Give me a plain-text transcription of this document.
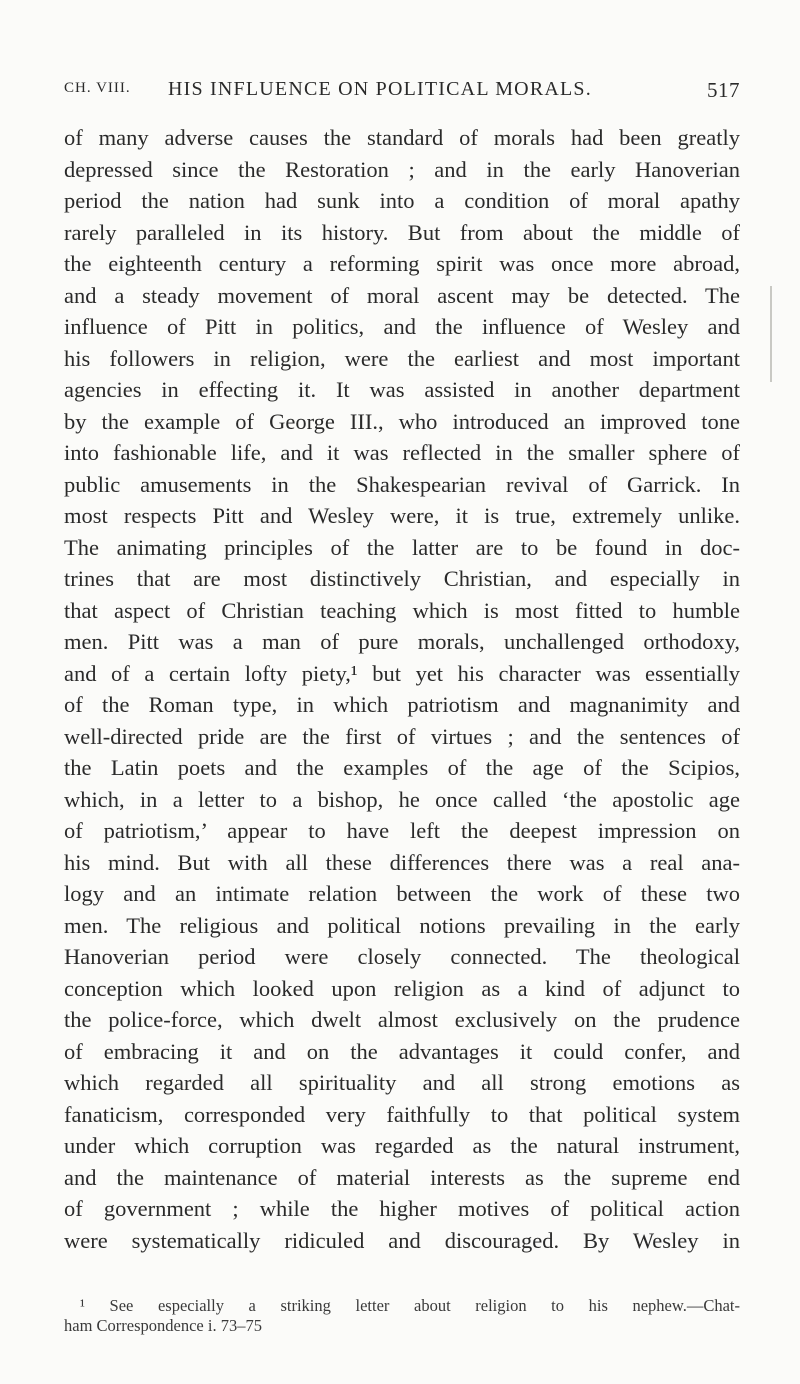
CH. VIII. HIS INFLUENCE ON POLITICAL MORALS.	517
of many adverse causes the standard of morals had been greatly
depressed since the Restoration ; and in the early Hanoverian
period the nation had sunk into a condition of moral apathy
rarely paralleled in its history. But from about the middle of
the eighteenth century a reforming spirit was once more abroad,
and a steady movement of moral ascent may be detected. The
influence of Pitt in politics, and the influence of Wesley and
his followers in religion, were the earliest and most important
agencies in effecting it. It was assisted in another department
by the example of George III., who introduced an improved tone
into fashionable life, and it was reflected in the smaller sphere of
public amusements in the Shakespearian revival of Garrick. In
most respects Pitt and Wesley were, it is true, extremely unlike.
The animating principles of the latter are to be found in doc-
trines that are most distinctively Christian, and especially in
that aspect of Christian teaching which is most fitted to humble
men. Pitt was a man of pure morals, unchallenged orthodoxy,
and of a certain lofty piety,¹ but yet his character was essentially
of the Roman type, in which patriotism and magnanimity and
well-directed pride are the first of virtues ; and the sentences of
the Latin poets and the examples of the age of the Scipios,
which, in a letter to a bishop, he once called ‘the apostolic age
of patriotism,’ appear to have left the deepest impression on
his mind. But with all these differences there was a real ana-
logy and an intimate relation between the work of these two
men. The religious and political notions prevailing in the early
Hanoverian period were closely connected. The theological
conception which looked upon religion as a kind of adjunct to
the police-force, which dwelt almost exclusively on the prudence
of embracing it and on the advantages it could confer, and
which regarded all spirituality and all strong emotions as
fanaticism, corresponded very faithfully to that political system
under which corruption was regarded as the natural instrument,
and the maintenance of material interests as the supreme end
of government ; while the higher motives of political action
were systematically ridiculed and discouraged. By Wesley in
¹ See especially a striking letter about religion to his nephew.—Chat-
ham Correspondence i. 73–75
